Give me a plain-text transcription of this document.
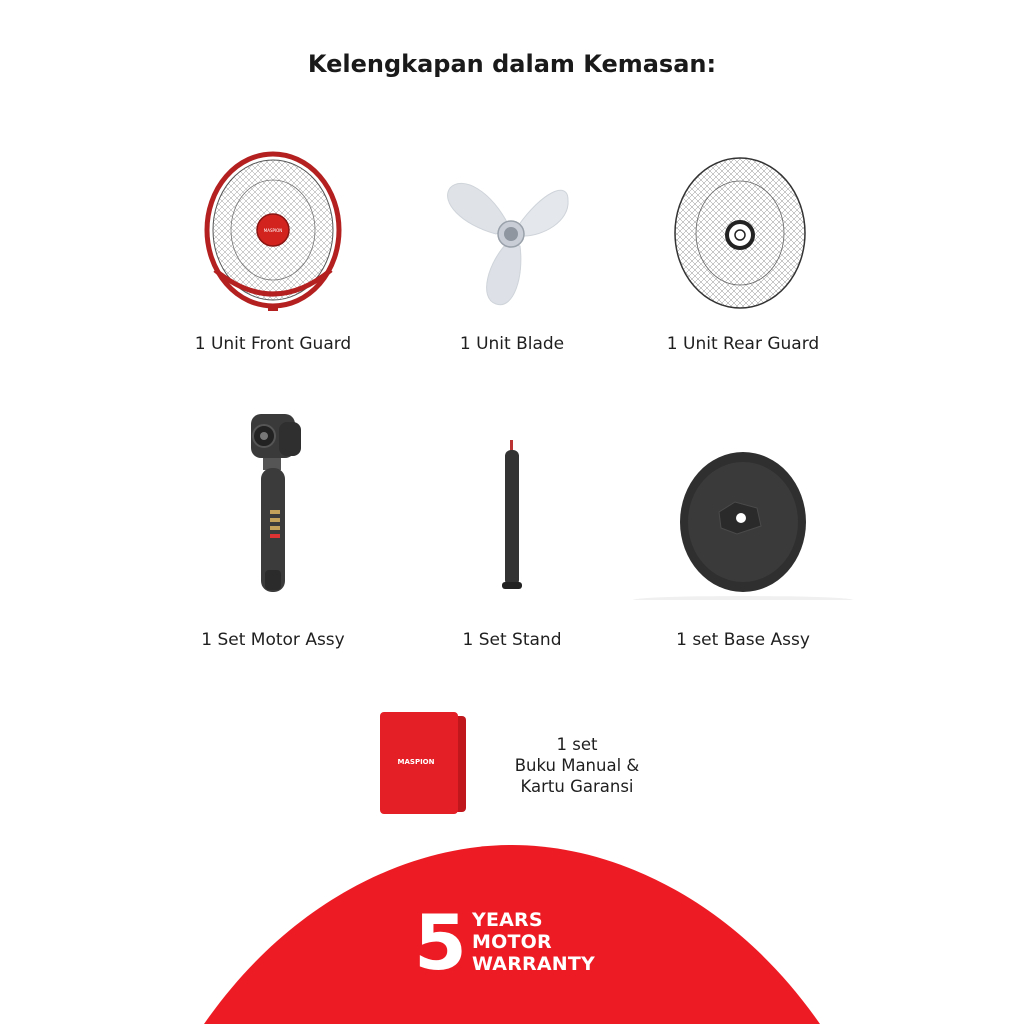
Kelengkapan dalam Kemasan:
MASPION
1 Unit Front Guard	1 Unit Blade	1 Unit Rear Guard
1 Set Motor Assy	1 Set Stand	1 set Base Assy
MASPION
1 set
Buku Manual &
Kartu Garansi
5 YEARS
MOTOR
WARRANTY
